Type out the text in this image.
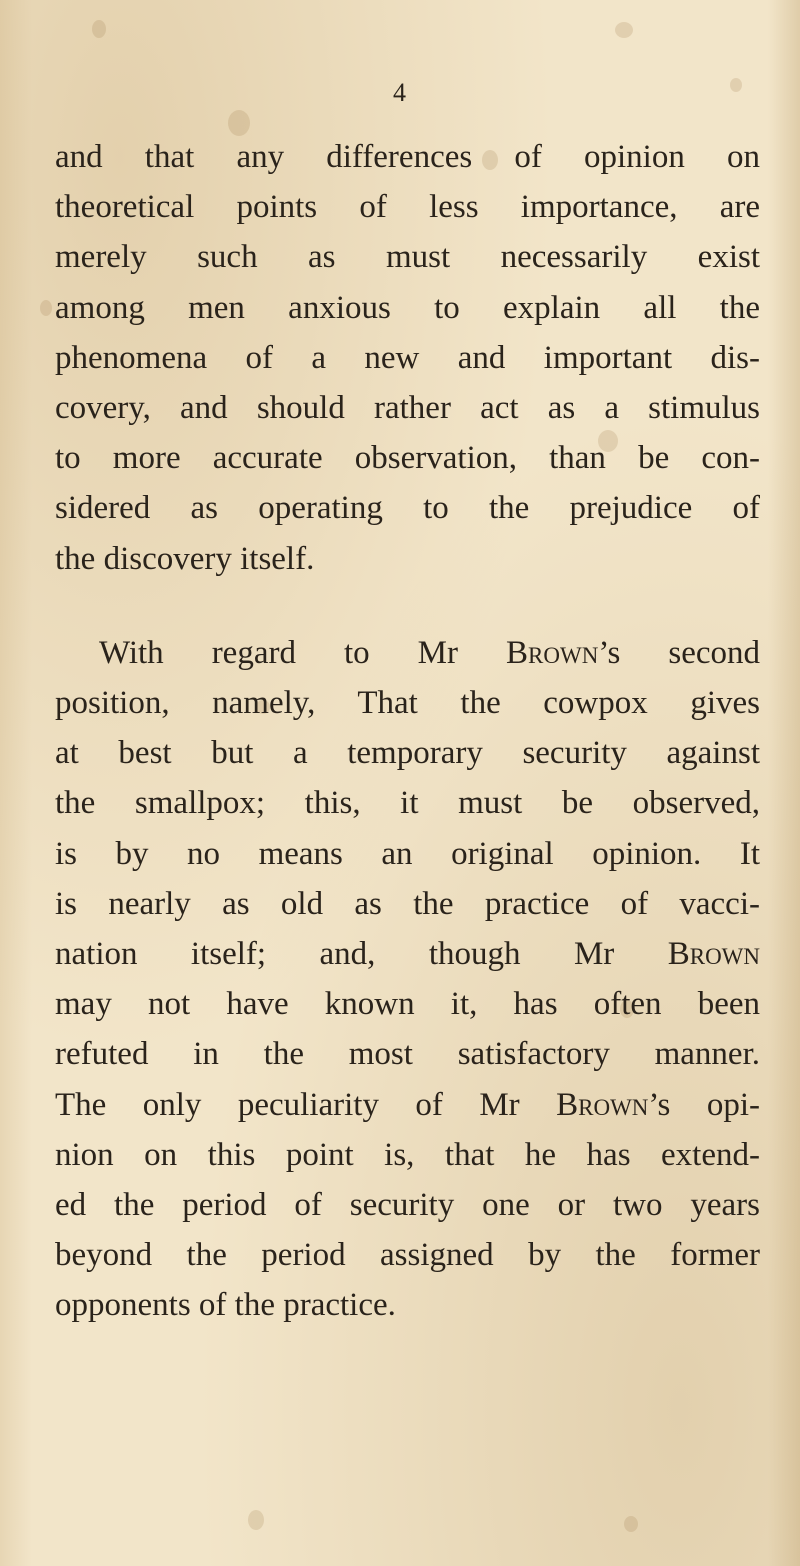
4
and that any differences of opinion on
theoretical points of less importance, are
merely such as must necessarily exist
among men anxious to explain all the
phenomena of a new and important dis-
covery, and should rather act as a stimulus
to more accurate observation, than be con-
sidered as operating to the prejudice of
the discovery itself.
With regard to Mr Brown’s second
position, namely, That the cowpox gives
at best but a temporary security against
the smallpox; this, it must be observed,
is by no means an original opinion. It
is nearly as old as the practice of vacci-
nation itself; and, though Mr Brown
may not have known it, has often been
refuted in the most satisfactory manner.
The only peculiarity of Mr Brown’s opi-
nion on this point is, that he has extend-
ed the period of security one or two years
beyond the period assigned by the former
opponents of the practice.
